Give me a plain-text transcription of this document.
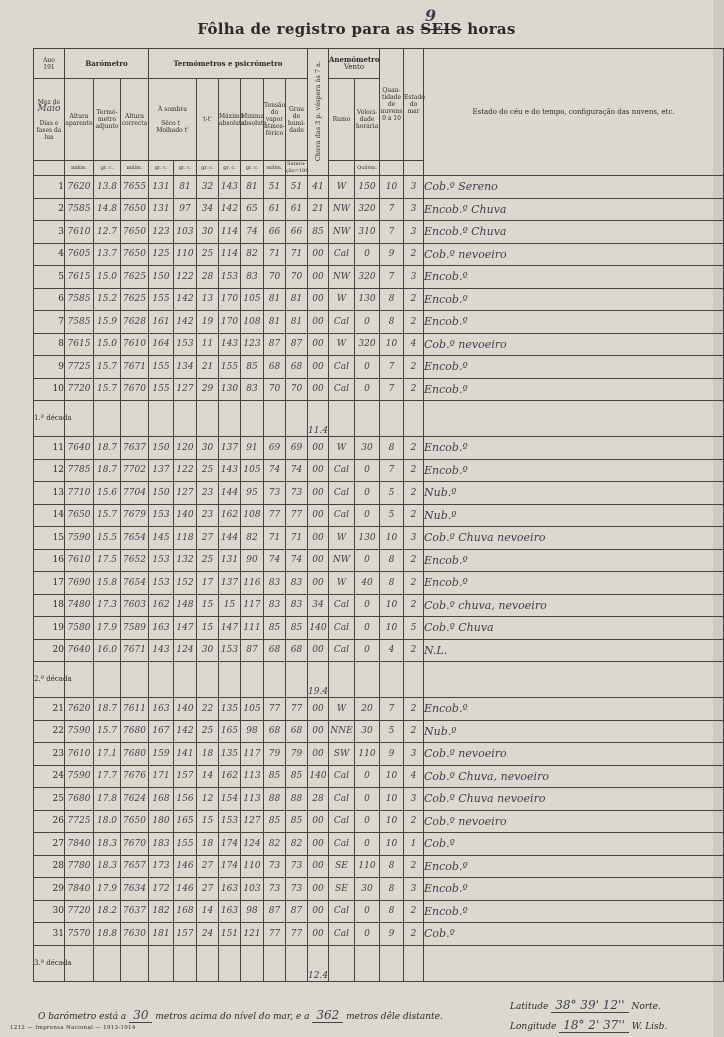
Fôlha de registro para as SEIS horas
9
Ano
191	Barómetro			Termómetros e psicrómetro							Chuva das 3 p. véspera às 7 a.	Anemómetro
Vento		Quan-tidade de nuvens 0 a 10	Estado do mar	Estado do céu e do tempo, configuração das nuvens, etc.
Mez de
Maio

Dias e fases da lua	Altura aparente	Termó-metro adjunto	Altura correcta	À sombra

Sêco t   Molhado t'		t-t'	Máxima absoluta	Minima absoluta	Tensão do vapor atmos-férico	Grau de humi-dade		Rumo	Veloci-dade horária			
	milím.	gr. c.	milím.	gr. c.	gr. c.	gr. c.	gr. c.	gr. c.	milím.	Satura-ção=100			Quilóm.			
1	7620	13.8	7655	131	81	32	143	81	51	51	41	W	150	10	3	Cob.º Sereno
2	7585	14.8	7650	131	97	34	142	65	61	61	21	NW	320	7	3	Encob.º Chuva
3	7610	12.7	7650	123	103	30	114	74	66	66	85	NW	310	7	3	Encob.º Chuva
4	7605	13.7	7650	125	110	25	114	82	71	71	00	Cal	0	9	2	Cob.º nevoeiro
5	7615	15.0	7625	150	122	28	153	83	70	70	00	NW	320	7	3	Encob.º
6	7585	15.2	7625	155	142	13	170	105	81	81	00	W	130	8	2	Encob.º
7	7585	15.9	7628	161	142	19	170	108	81	81	00	Cal	0	8	2	Encob.º
8	7615	15.0	7610	164	153	11	143	123	87	87	00	W	320	10	4	Cob.º nevoeiro
9	7725	15.7	7671	155	134	21	155	85	68	68	00	Cal	0	7	2	Encob.º
10	7720	15.7	7670	155	127	29	130	83	70	70	00	Cal	0	7	2	Encob.º
1.ª década											11.4					
11	7640	18.7	7637	150	120	30	137	91	69	69	00	W	30	8	2	Encob.º
12	7785	18.7	7702	137	122	25	143	105	74	74	00	Cal	0	7	2	Encob.º
13	7710	15.6	7704	150	127	23	144	95	73	73	00	Cal	0	5	2	Nub.º
14	7650	15.7	7679	153	140	23	162	108	77	77	00	Cal	0	5	2	Nub.º
15	7590	15.5	7654	145	118	27	144	82	71	71	00	W	130	10	3	Cob.º Chuva nevoeiro
16	7610	17.5	7652	153	132	25	131	90	74	74	00	NW	0	8	2	Encob.º
17	7690	15.8	7654	153	152	17	137	116	83	83	00	W	40	8	2	Encob.º
18	7480	17.3	7603	162	148	15	15	117	83	83	34	Cal	0	10	2	Cob.º chuva, nevoeiro
19	7580	17.9	7589	163	147	15	147	111	85	85	140	Cal	0	10	5	Cob.º Chuva
20	7640	16.0	7671	143	124	30	153	87	68	68	00	Cal	0	4	2	N.L.
2.ª década											19.4					
21	7620	18.7	7611	163	140	22	135	105	77	77	00	W	20	7	2	Encob.º
22	7590	15.7	7680	167	142	25	165	98	68	68	00	NNE	30	5	2	Nub.º
23	7610	17.1	7680	159	141	18	135	117	79	79	00	SW	110	9	3	Cob.º nevoeiro
24	7590	17.7	7676	171	157	14	162	113	85	85	140	Cal	0	10	4	Cob.º Chuva, nevoeiro
25	7680	17.8	7624	168	156	12	154	113	88	88	28	Cal	0	10	3	Cob.º Chuva nevoeiro
26	7725	18.0	7650	180	165	15	153	127	85	85	00	Cal	0	10	2	Cob.º nevoeiro
27	7840	18.3	7670	183	155	18	174	124	82	82	00	Cal	0	10	1	Cob.º
28	7780	18.3	7657	173	146	27	174	110	73	73	00	SE	110	8	2	Encob.º
29	7840	17.9	7634	172	146	27	163	103	73	73	00	SE	30	8	3	Encob.º
30	7720	18.2	7637	182	168	14	163	98	87	87	00	Cal	0	8	2	Encob.º
31	7570	18.8	7630	181	157	24	151	121	77	77	00	Cal	0	9	2	Cob.º
3.ª década											12.4					
O barómetro está a 30 metros acima do nível do mar, e a 362 metros dêle distante.
Latitude 38° 39' 12'' Norte.
Longitude 18° 2' 37'' W. Lisb.
1212 — Imprensa Nacional — 1913-1914
